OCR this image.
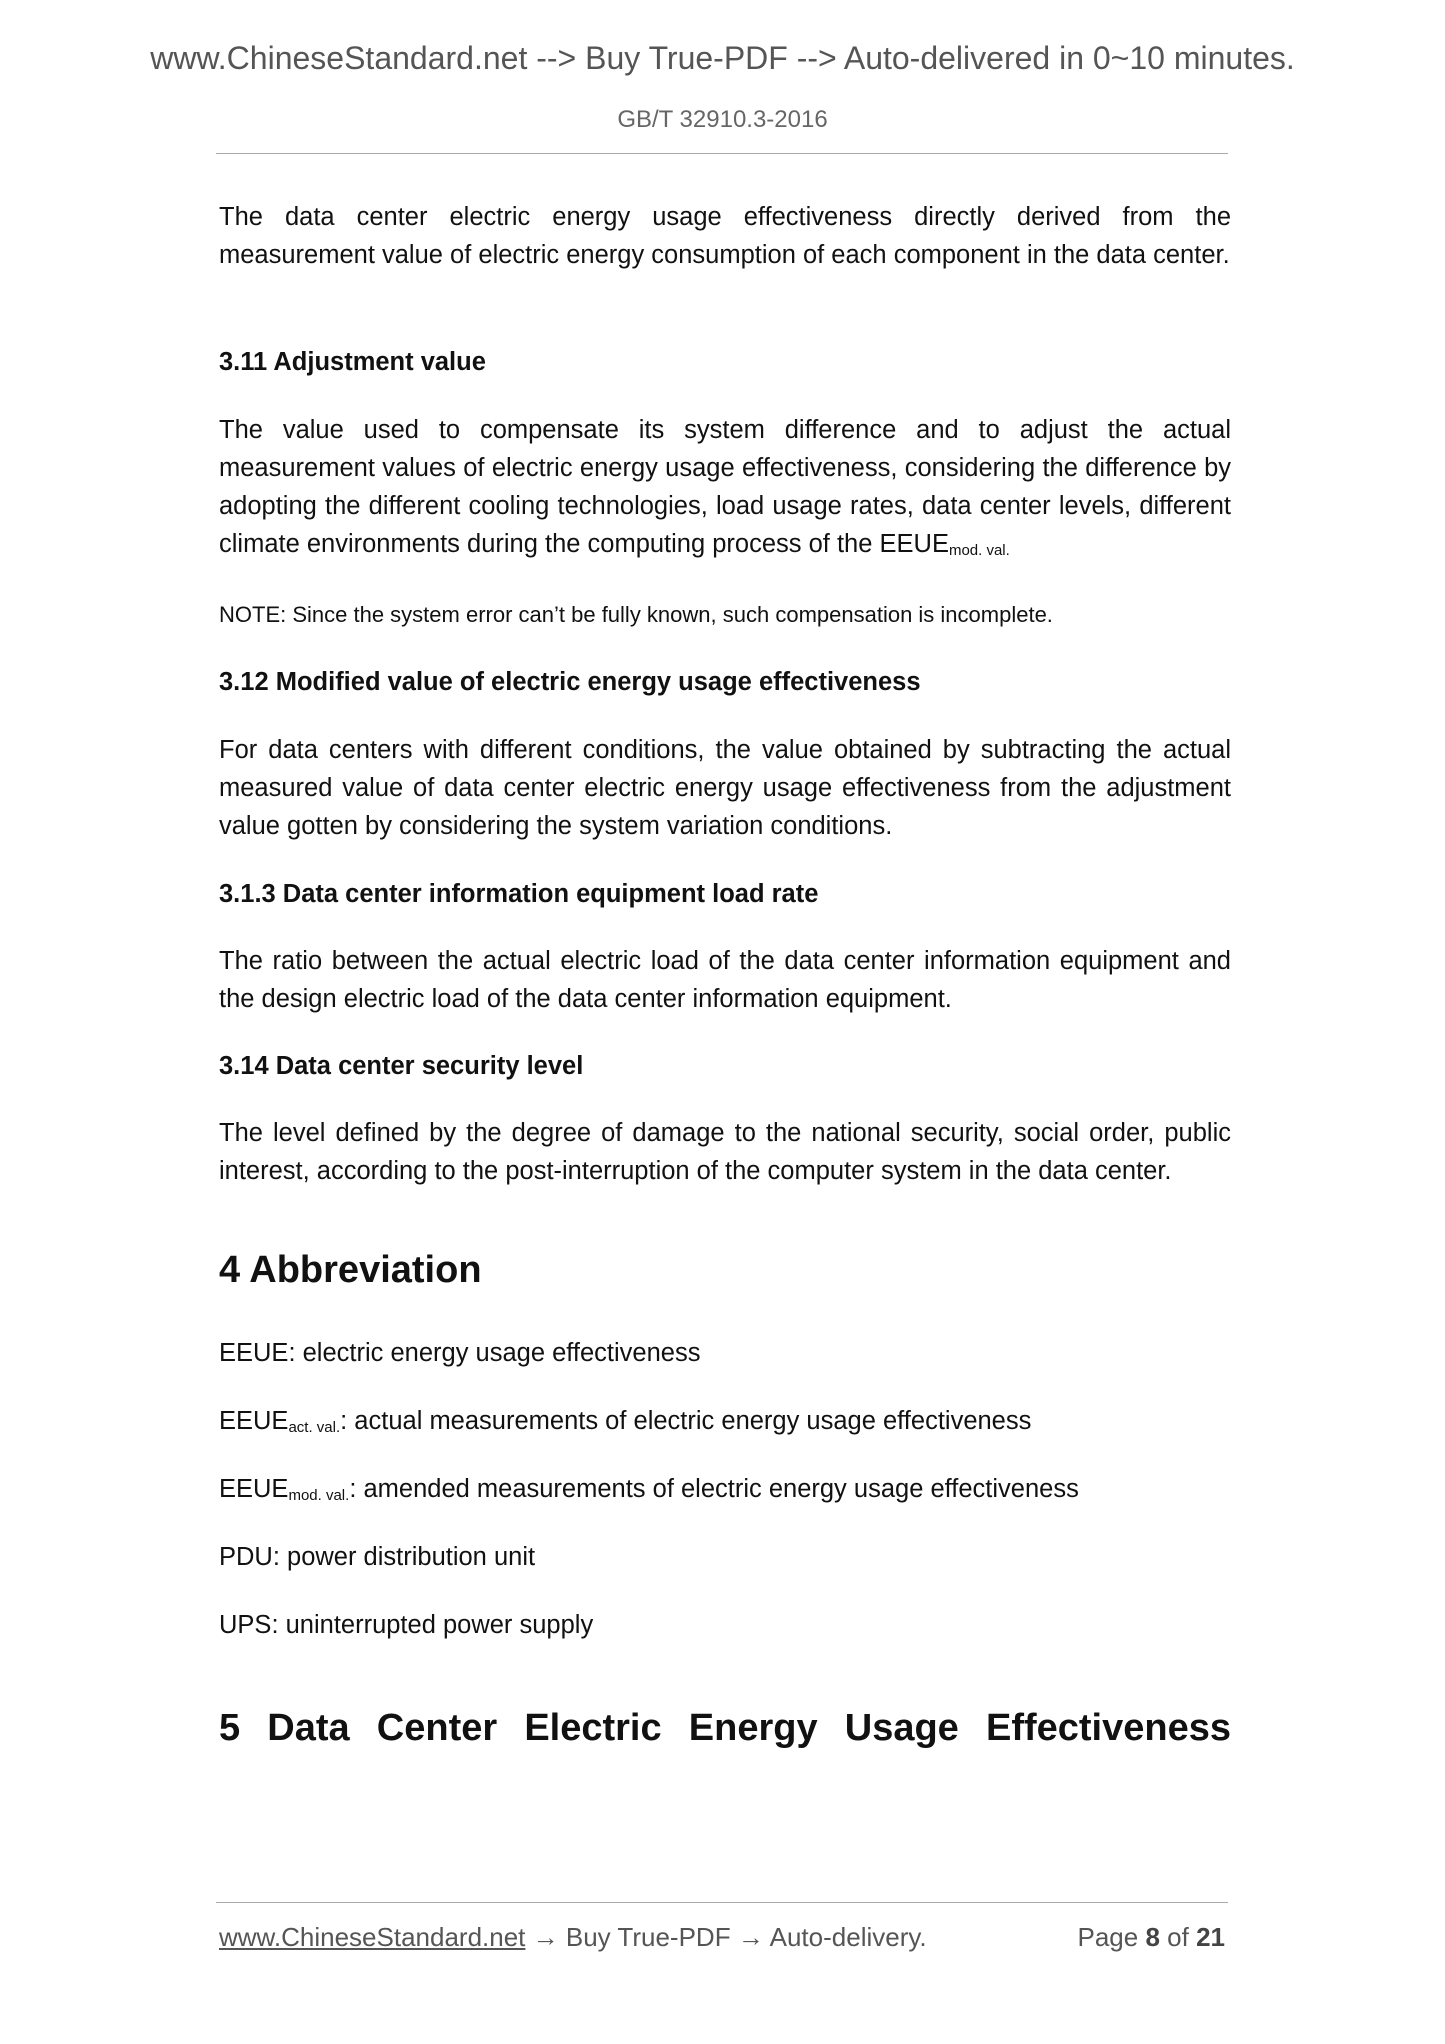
www.ChineseStandard.net --> Buy True-PDF --> Auto-delivered in 0~10 minutes.
GB/T 32910.3-2016

The data center electric energy usage effectiveness directly derived from the measurement value of electric energy consumption of each component in the data center.

3.11 Adjustment value

The value used to compensate its system difference and to adjust the actual measurement values of electric energy usage effectiveness, considering the difference by adopting the different cooling technologies, load usage rates, data center levels, different climate environments during the computing process of the $EEUE_{mod. val.}$

NOTE: Since the system error can’t be fully known, such compensation is incomplete.

3.12 Modified value of electric energy usage effectiveness

For data centers with different conditions, the value obtained by subtracting the actual measured value of data center electric energy usage effectiveness from the adjustment value gotten by considering the system variation conditions.

3.1.3 Data center information equipment load rate

The ratio between the actual electric load of the data center information equipment and the design electric load of the data center information equipment.

3.14 Data center security level

The level defined by the degree of damage to the national security, social order, public interest, according to the post-interruption of the computer system in the data center.

4 Abbreviation

EEUE: electric energy usage effectiveness

$EEUE_{act. val.}$: actual measurements of electric energy usage effectiveness

$EEUE_{mod. val.}$: amended measurements of electric energy usage effectiveness

PDU: power distribution unit

UPS: uninterrupted power supply

5 Data Center Electric Energy Usage Effectiveness

www.ChineseStandard.net → Buy True-PDF → Auto-delivery.	Page 8 of 21
